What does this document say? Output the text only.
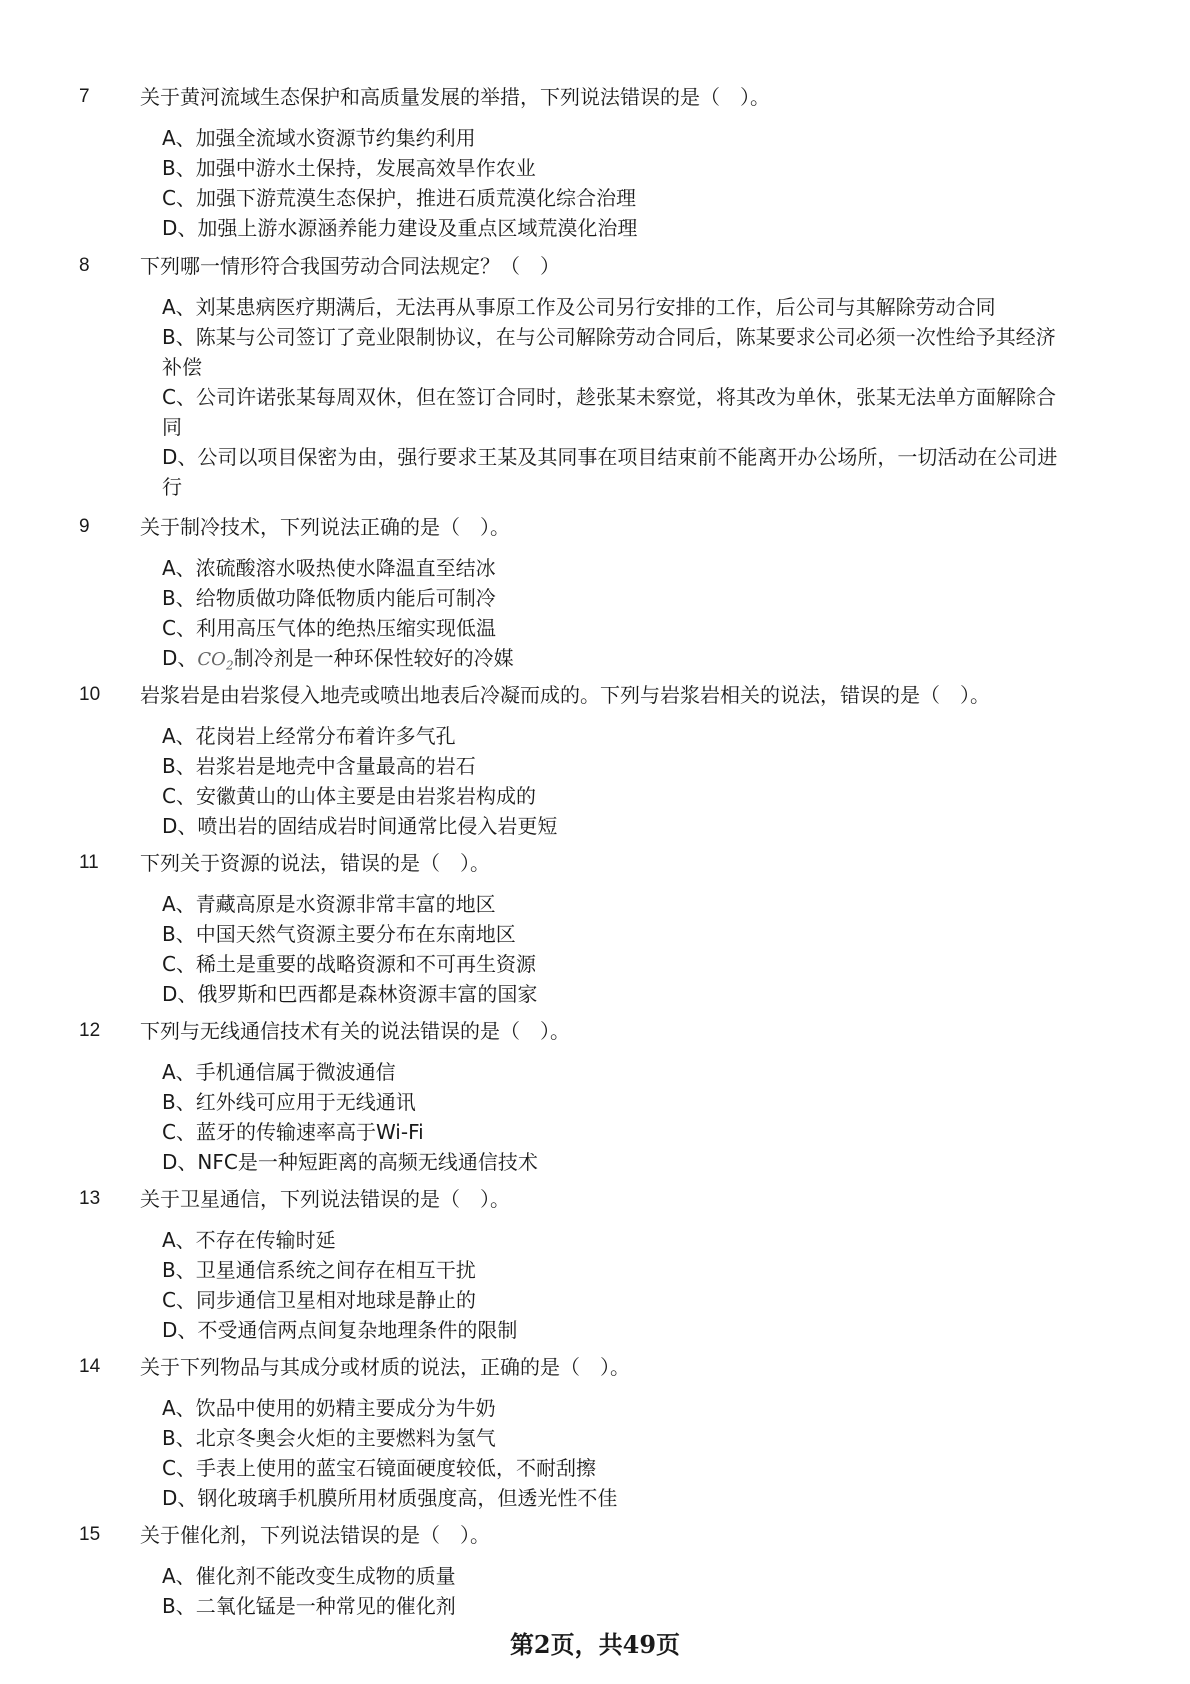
7	关于黄河流域生态保护和高质量发展的举措，下列说法错误的是（　）。
A、加强全流域水资源节约集约利用
B、加强中游水土保持，发展高效旱作农业
C、加强下游荒漠生态保护，推进石质荒漠化综合治理
D、加强上游水源涵养能力建设及重点区域荒漠化治理
8	下列哪一情形符合我国劳动合同法规定？（　）
A、刘某患病医疗期满后，无法再从事原工作及公司另行安排的工作，后公司与其解除劳动合同
B、陈某与公司签订了竞业限制协议，在与公司解除劳动合同后，陈某要求公司必须一次性给予其经济补偿
C、公司许诺张某每周双休，但在签订合同时，趁张某未察觉，将其改为单休，张某无法单方面解除合同
D、公司以项目保密为由，强行要求王某及其同事在项目结束前不能离开办公场所，一切活动在公司进行
9	关于制冷技术，下列说法正确的是（　）。
A、浓硫酸溶水吸热使水降温直至结冰
B、给物质做功降低物质内能后可制冷
C、利用高压气体的绝热压缩实现低温
D、$CO_2$制冷剂是一种环保性较好的冷媒
10 岩浆岩是由岩浆侵入地壳或喷出地表后冷凝而成的。下列与岩浆岩相关的说法，错误的是（　）。
A、花岗岩上经常分布着许多气孔
B、岩浆岩是地壳中含量最高的岩石
C、安徽黄山的山体主要是由岩浆岩构成的
D、喷出岩的固结成岩时间通常比侵入岩更短
11 下列关于资源的说法，错误的是（　）。
A、青藏高原是水资源非常丰富的地区
B、中国天然气资源主要分布在东南地区
C、稀土是重要的战略资源和不可再生资源
D、俄罗斯和巴西都是森林资源丰富的国家
12 下列与无线通信技术有关的说法错误的是（　）。
A、手机通信属于微波通信
B、红外线可应用于无线通讯
C、蓝牙的传输速率高于Wi-Fi
D、NFC是一种短距离的高频无线通信技术
13 关于卫星通信，下列说法错误的是（　）。
A、不存在传输时延
B、卫星通信系统之间存在相互干扰
C、同步通信卫星相对地球是静止的
D、不受通信两点间复杂地理条件的限制
14 关于下列物品与其成分或材质的说法，正确的是（　）。
A、饮品中使用的奶精主要成分为牛奶
B、北京冬奥会火炬的主要燃料为氢气
C、手表上使用的蓝宝石镜面硬度较低，不耐刮擦
D、钢化玻璃手机膜所用材质强度高，但透光性不佳
15 关于催化剂，下列说法错误的是（　）。
A、催化剂不能改变生成物的质量
B、二氧化锰是一种常见的催化剂
第2页，共49页
